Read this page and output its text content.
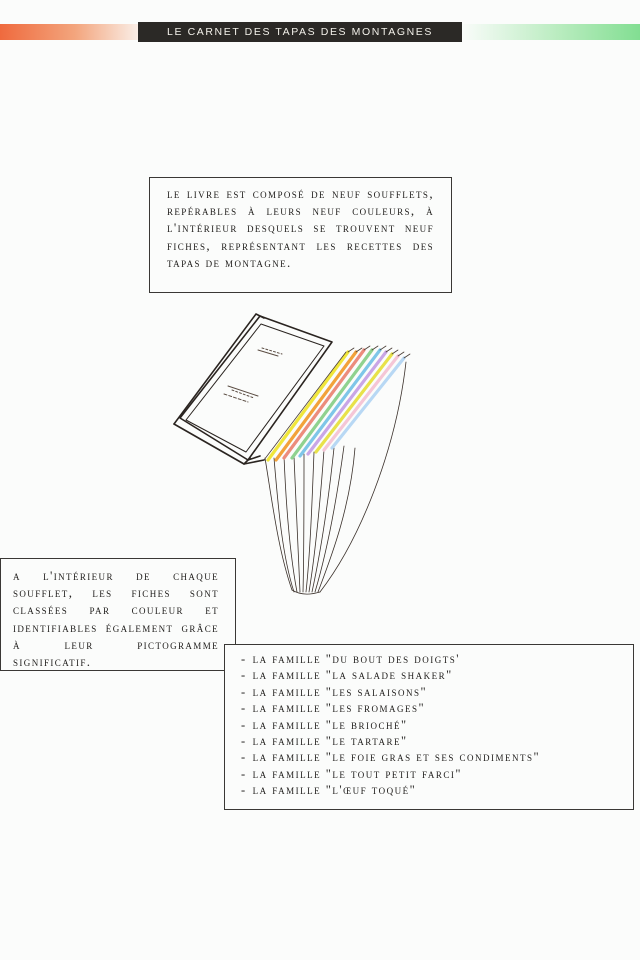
LE CARNET DES TAPAS DES MONTAGNES

le livre est composé de neuf soufflets, repérables à leurs neuf couleurs, à l'intérieur desquels se trouvent neuf fiches, représentant les recettes des tapas de montagne.

a l'intérieur de chaque soufflet, les fiches sont classées par couleur et identifiables également grâce à leur pictogramme significatif.	- la famille "du bout des doigts'
- la famille "la salade shaker"
- la famille "les salaisons"
- la famille "les fromages"
- la famille "le brioché"
- la famille "le tartare"
- la famille "le foie gras et ses condiments"
- la famille "le tout petit farci"
- la famille "l'œuf toqué"
